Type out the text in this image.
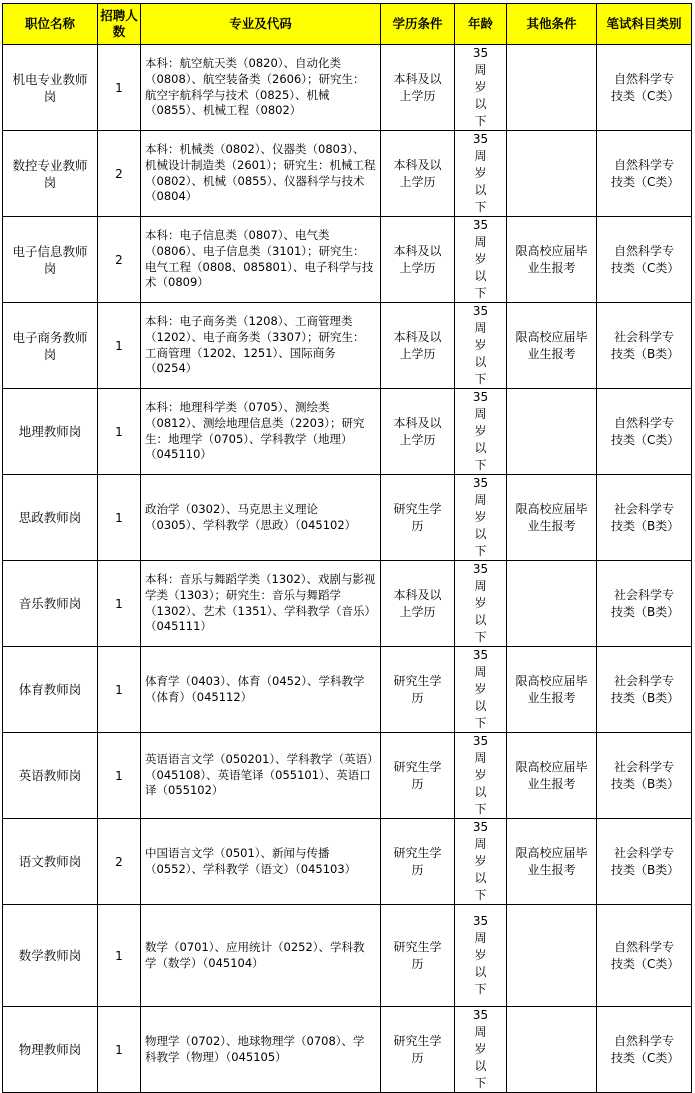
职位名称	招聘人数	专业及代码	学历条件	年龄	其他条件	笔试科目类别
机电专业教师岗	1	本科：航空航天类（0820）、自动化类（0808）、航空装备类（2606）；研究生：航空宇航科学与技术（0825）、机械（0855）、机械工程（0802）	本科及以上学历	35周岁以下		自然科学专技类（C类）
数控专业教师岗	2	本科：机械类（0802）、仪器类（0803）、机械设计制造类（2601）；研究生：机械工程（0802）、机械（0855）、仪器科学与技术（0804）	本科及以上学历	35周岁以下		自然科学专技类（C类）
电子信息教师岗	2	本科：电子信息类（0807）、电气类（0806）、电子信息类（3101）；研究生：电气工程（0808、085801）、电子科学与技术（0809）	本科及以上学历	35周岁以下	限高校应届毕业生报考	自然科学专技类（C类）
电子商务教师岗	1	本科：电子商务类（1208）、工商管理类（1202）、电子商务类（3307）；研究生：工商管理（1202、1251）、国际商务（0254）	本科及以上学历	35周岁以下	限高校应届毕业生报考	社会科学专技类（B类）
地理教师岗	1	本科：地理科学类（0705）、测绘类（0812）、测绘地理信息类（2203）；研究生：地理学（0705）、学科教学（地理）（045110）	本科及以上学历	35周岁以下		自然科学专技类（C类）
思政教师岗	1	政治学（0302）、马克思主义理论（0305）、学科教学（思政）（045102）	研究生学历	35周岁以下	限高校应届毕业生报考	社会科学专技类（B类）
音乐教师岗	1	本科：音乐与舞蹈学类（1302）、戏剧与影视学类（1303）；研究生：音乐与舞蹈学（1302）、艺术（1351）、学科教学（音乐）（045111）	本科及以上学历	35周岁以下		社会科学专技类（B类）
体育教师岗	1	体育学（0403）、体育（0452）、学科教学（体育）（045112）	研究生学历	35周岁以下	限高校应届毕业生报考	社会科学专技类（B类）
英语教师岗	1	英语语言文学（050201）、学科教学（英语）（045108）、英语笔译（055101）、英语口译（055102）	研究生学历	35周岁以下	限高校应届毕业生报考	社会科学专技类（B类）
语文教师岗	2	中国语言文学（0501）、新闻与传播（0552）、学科教学（语文）（045103）	研究生学历	35周岁以下	限高校应届毕业生报考	社会科学专技类（B类）
数学教师岗	1	数学（0701）、应用统计（0252）、学科教学（数学）（045104）	研究生学历	35周岁以下		自然科学专技类（C类）
物理教师岗	1	物理学（0702）、地球物理学（0708）、学科教学（物理）（045105）	研究生学历	35周岁以下		自然科学专技类（C类）
